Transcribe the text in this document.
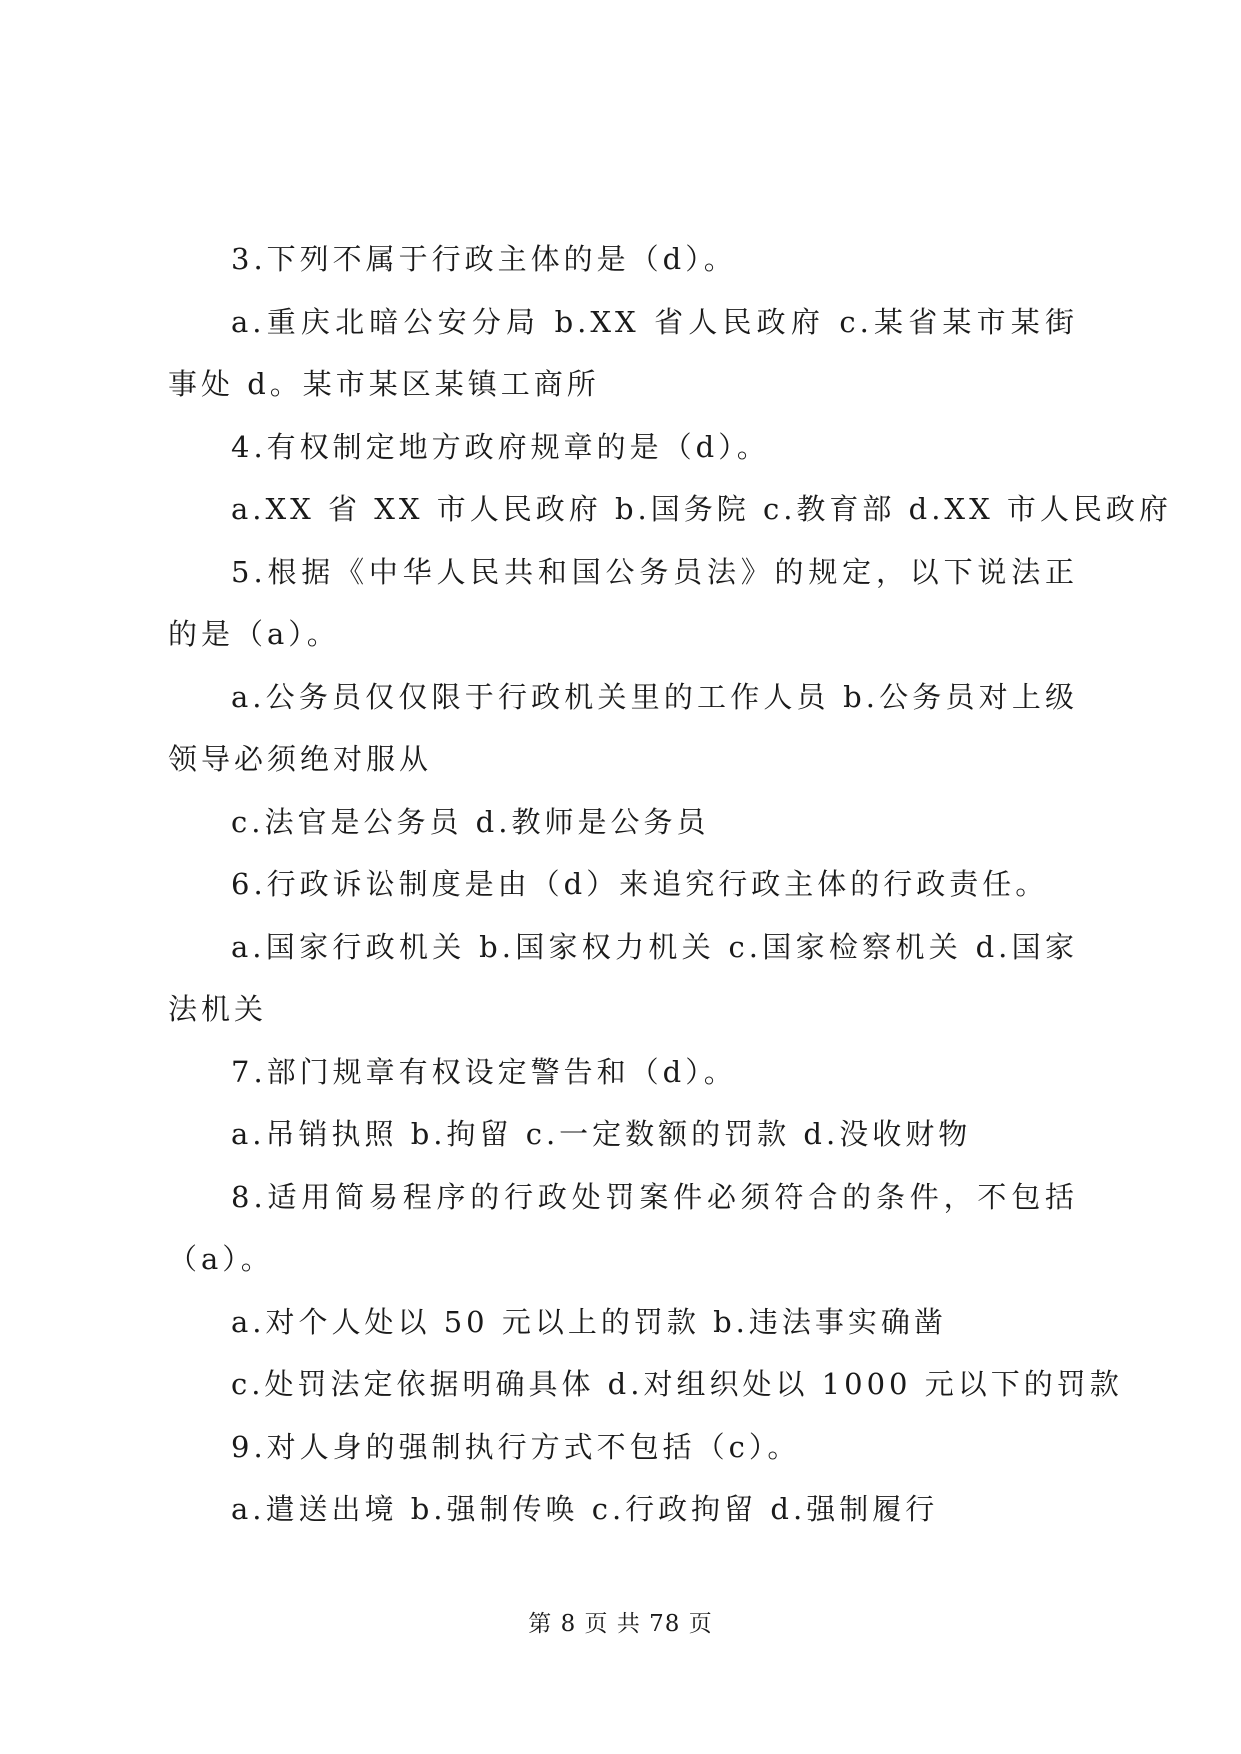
3.下列不属于行政主体的是（d）。
a.重庆北暗公安分局 b.XX 省人民政府 c.某省某市某街
事处 d。某市某区某镇工商所
4.有权制定地方政府规章的是（d）。
a.XX 省 XX 市人民政府 b.国务院 c.教育部 d.XX 市人民政府
5.根据《中华人民共和国公务员法》的规定，以下说法正
的是（a）。
a.公务员仅仅限于行政机关里的工作人员 b.公务员对上级
领导必须绝对服从
c.法官是公务员 d.教师是公务员
6.行政诉讼制度是由（d）来追究行政主体的行政责任。
a.国家行政机关 b.国家权力机关 c.国家检察机关 d.国家
法机关
7.部门规章有权设定警告和（d）。
a.吊销执照 b.拘留 c.一定数额的罚款 d.没收财物
8.适用简易程序的行政处罚案件必须符合的条件，不包括
（a）。
a.对个人处以 50 元以上的罚款 b.违法事实确凿
c.处罚法定依据明确具体 d.对组织处以 1000 元以下的罚款
9.对人身的强制执行方式不包括（c）。
a.遣送出境 b.强制传唤 c.行政拘留 d.强制履行
第 8 页 共 78 页
